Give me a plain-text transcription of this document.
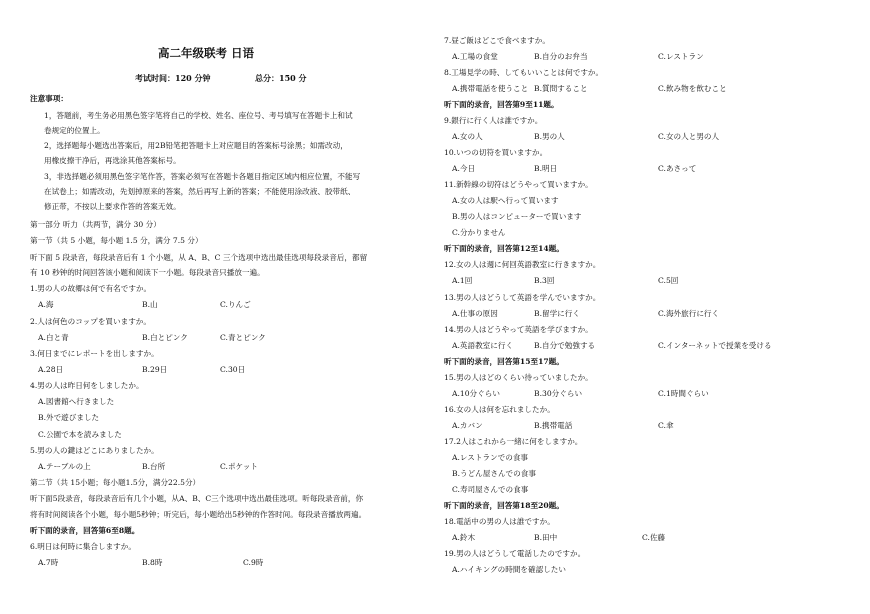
高二年级联考 日语
考试时间：120 分钟	总分：150 分
注意事项：
1，答题前，考生务必用黑色签字笔将自己的学校、姓名、座位号、考号填写在答题卡上和试
卷规定的位置上。
2，选择题每小题选出答案后，用2B铅笔把答题卡上对应题目的答案标号涂黑；如需改动，
用橡皮擦干净后，再选涂其他答案标号。
3，非选择题必须用黑色签字笔作答，答案必须写在答题卡各题目指定区域内相应位置，不能写
在试卷上；如需改动，先划掉原来的答案，然后再写上新的答案；不能使用涂改液、胶带纸、
修正带，不按以上要求作答的答案无效。
第一部分 听力（共两节，满分 30 分）
第一节（共 5 小题，每小题 1.5 分，满分 7.5 分）
听下面 5 段录音，每段录音后有 1 个小题，从 A、B、C 三个选项中选出最佳选项每段录音后，都留
有 10 秒钟的时间回答该小题和阅读下一小题。每段录音只播放一遍。
1.男の人の故郷は何で有名ですか。
A.海	B.山	C.りんご
2.人は何色のコップを買いますか。
A.白と青	B.白とピンク	C.青とピンク
3.何日までにレポートを出しますか。
A.28日	B.29日	C.30日
4.男の人は昨日何をしましたか。
A.図書館へ行きました
B.外で遊びました
C.公園で本を読みました
5.男の人の鍵はどこにありましたか。
A.テーブルの上	B.台所	C.ポケット
第二节（共 15小题；每小题1.5分，满分22.5分）
听下面5段录音，每段录音后有几个小题，从A、B、C三个选项中选出最佳选项。听每段录音前，你
将有时间阅读各个小题，每小题5秒钟；听完后，每小题给出5秒钟的作答时间。每段录音播放两遍。
听下面的录音，回答第6至8题。
6.明日は何時に集合しますか。
A.7時	B.8時	C.9時
7.昼ご飯はどこで食べますか。
A.工場の食堂	B.自分のお弁当	C.レストラン
8.工場見学の時、してもいいことは何ですか。
A.携帯電話を使うこと B.質問すること	C.飲み物を飲むこと
听下面的录音，回答第9至11题。
9.銀行に行く人は誰ですか。
A.女の人	B.男の人	C.女の人と男の人
10.いつの切符を買いますか。
A.今日	B.明日	C.あさって
11.新幹線の切符はどうやって買いますか。
A.女の人は駅へ行って買います
B.男の人はコンピューターで買います
C.分かりません
听下面的录音，回答第12至14题。
12.女の人は週に何回英語教室に行きますか。
A.1回	B.3回	C.5回
13.男の人はどうして英語を学んでいますか。
A.仕事の原因	B.留学に行く	C.海外旅行に行く
14.男の人はどうやって英語を学びますか。
A.英語教室に行く	B.自分で勉強する	C.インターネットで授業を受ける
听下面的录音，回答第15至17题。
15.男の人はどのくらい待っていましたか。
A.10分ぐらい	B.30分ぐらい	C.1時間ぐらい
16.女の人は何を忘れましたか。
A.カバン	B.携帯電話	C.傘
17.2人はこれから一緒に何をしますか。
A.レストランでの食事
B.うどん屋さんでの食事
C.寿司屋さんでの食事
听下面的录音，回答第18至20题。
18.電話中の男の人は誰ですか。
A.鈴木	B.田中	C.佐藤
19.男の人はどうして電話したのですか。
A.ハイキングの時間を確認したい
